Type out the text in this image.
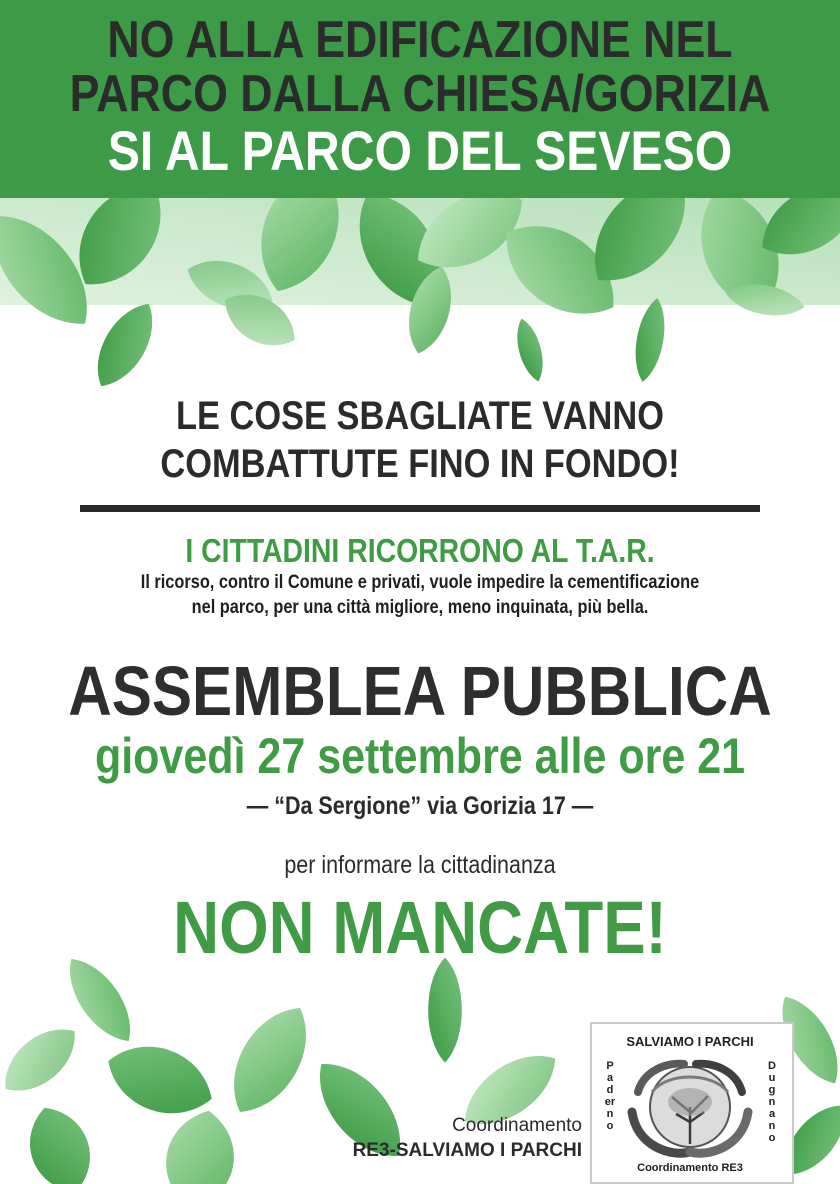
NO ALLA EDIFICAZIONE NEL
PARCO DALLA CHIESA/GORIZIA
SI AL PARCO DEL SEVESO
LE COSE SBAGLIATE VANNO
COMBATTUTE FINO IN FONDO!
I CITTADINI RICORRONO AL T.A.R.
Il ricorso, contro il Comune e privati, vuole impedire la cementificazione
nel parco, per una città migliore, meno inquinata, più bella.
ASSEMBLEA PUBBLICA
giovedì 27 settembre alle ore 21
— “Da Sergione” via Gorizia 17 —
per informare la cittadinanza
NON MANCATE!
Coordinamento
RE3-SALVIAMO I PARCHI
SALVIAMO I PARCHI
Paderno
Dugnano
Coordinamento RE3
